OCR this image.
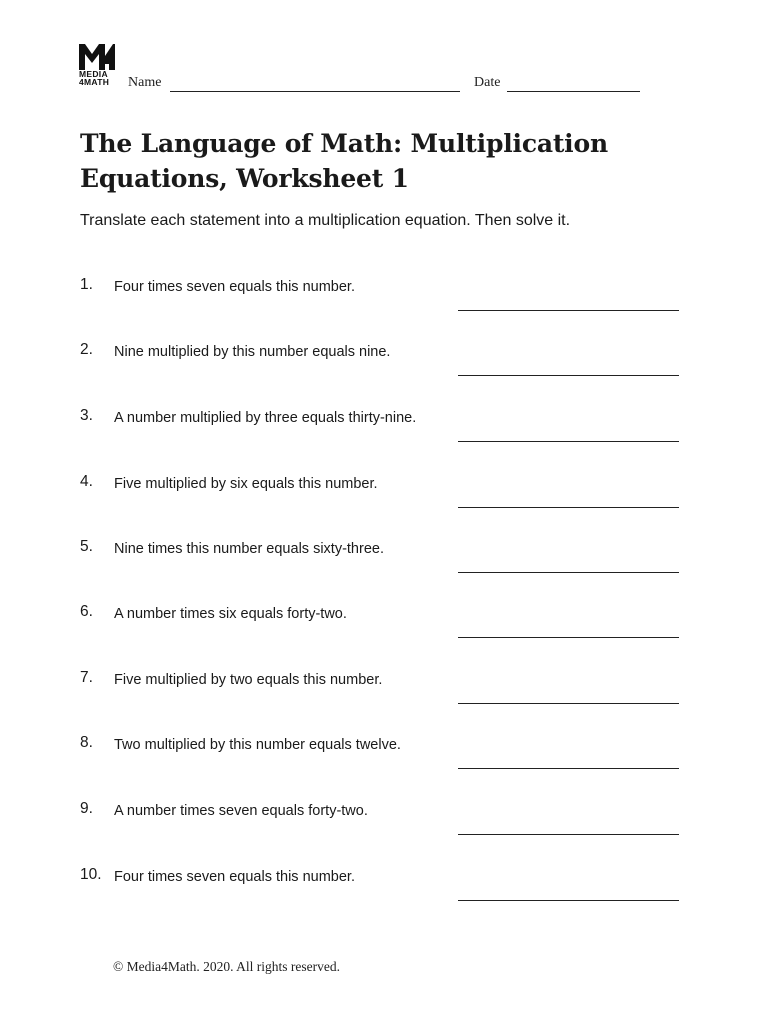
MEDIA
4MATH	Name	Date
The Language of Math: Multiplication
Equations, Worksheet 1

Translate each statement into a multiplication equation. Then solve it.

1. Four times seven equals this number.
2. Nine multiplied by this number equals nine.
3. A number multiplied by three equals thirty-nine.
4. Five multiplied by six equals this number.
5. Nine times this number equals sixty-three.
6. A number times six equals forty-two.
7. Five multiplied by two equals this number.
8. Two multiplied by this number equals twelve.
9. A number times seven equals forty-two.
10. Four times seven equals this number.
© Media4Math. 2020. All rights reserved.
